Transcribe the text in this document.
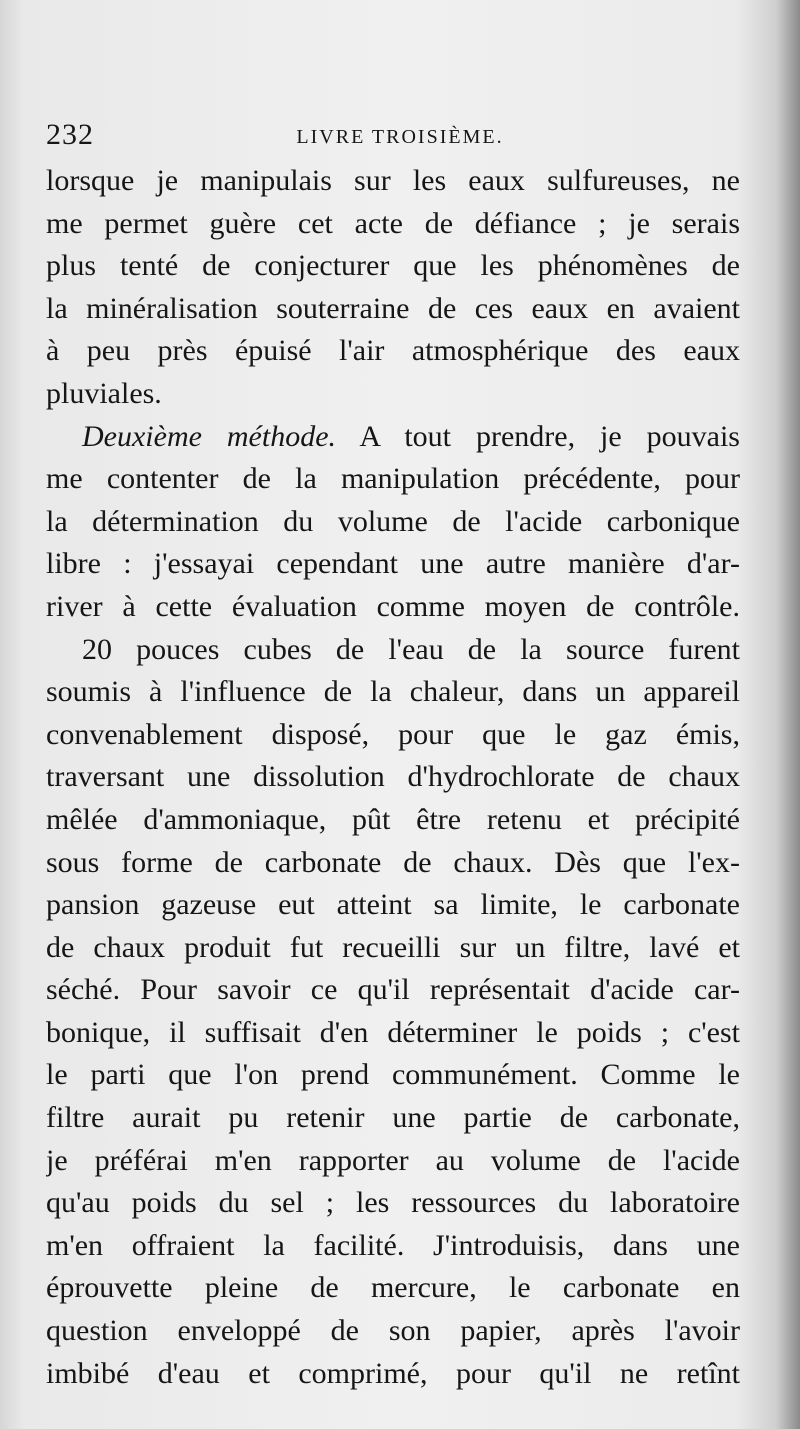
232	LIVRE TROISIÈME.
lorsque je manipulais sur les eaux sulfureuses, ne
me permet guère cet acte de défiance ; je serais
plus tenté de conjecturer que les phénomènes de
la minéralisation souterraine de ces eaux en avaient
à peu près épuisé l'air atmosphérique des eaux
pluviales.
Deuxième méthode. A tout prendre, je pouvais
me contenter de la manipulation précédente, pour
la détermination du volume de l'acide carbonique
libre : j'essayai cependant une autre manière d'ar-
river à cette évaluation comme moyen de contrôle.
20 pouces cubes de l'eau de la source furent
soumis à l'influence de la chaleur, dans un appareil
convenablement disposé, pour que le gaz émis,
traversant une dissolution d'hydrochlorate de chaux
mêlée d'ammoniaque, pût être retenu et précipité
sous forme de carbonate de chaux. Dès que l'ex-
pansion gazeuse eut atteint sa limite, le carbonate
de chaux produit fut recueilli sur un filtre, lavé et
séché. Pour savoir ce qu'il représentait d'acide car-
bonique, il suffisait d'en déterminer le poids ; c'est
le parti que l'on prend communément. Comme le
filtre aurait pu retenir une partie de carbonate,
je préférai m'en rapporter au volume de l'acide
qu'au poids du sel ; les ressources du laboratoire
m'en offraient la facilité. J'introduisis, dans une
éprouvette pleine de mercure, le carbonate en
question enveloppé de son papier, après l'avoir
imbibé d'eau et comprimé, pour qu'il ne retînt
